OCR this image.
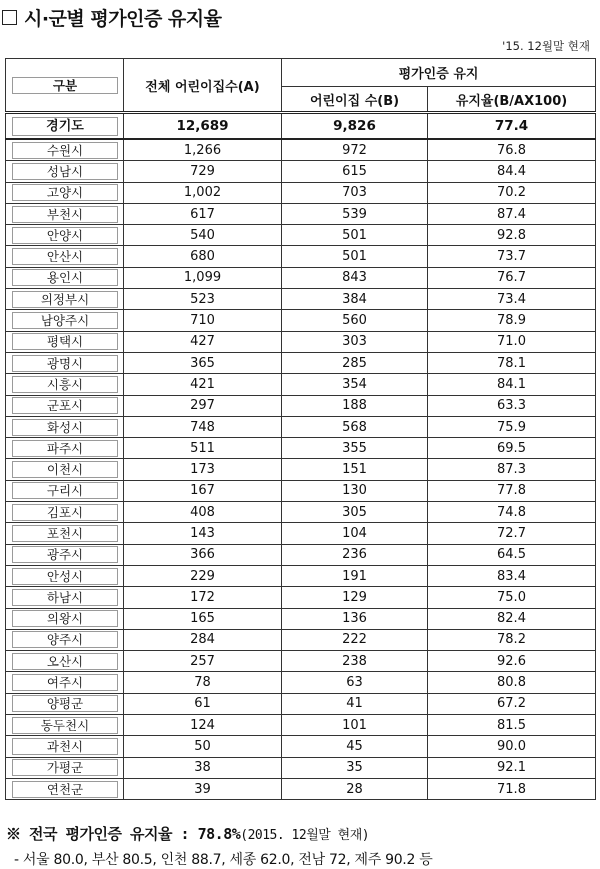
시·군별 평가인증 유지율
'15. 12월말 현재
구분	전체 어린이집수(A)	평가인증 유지	
		어린이집 수(B)	유지율(B/AX100)

경기도	12,689	9,826	77.4

수원시	1,266	972	76.8

성남시	729	615	84.4

고양시	1,002	703	70.2

부천시	617	539	87.4

안양시	540	501	92.8

안산시	680	501	73.7

용인시	1,099	843	76.7

의정부시	523	384	73.4

남양주시	710	560	78.9

평택시	427	303	71.0

광명시	365	285	78.1

시흥시	421	354	84.1

군포시	297	188	63.3

화성시	748	568	75.9

파주시	511	355	69.5

이천시	173	151	87.3

구리시	167	130	77.8

김포시	408	305	74.8

포천시	143	104	72.7

광주시	366	236	64.5

안성시	229	191	83.4

하남시	172	129	75.0

의왕시	165	136	82.4

양주시	284	222	78.2

오산시	257	238	92.6

여주시	78	63	80.8

양평군	61	41	67.2

동두천시	124	101	81.5

과천시	50	45	90.0

가평군	38	35	92.1

연천군	39	28	71.8
※ 전국 평가인증 유지율 : 78.8%(2015. 12월말 현재)
- 서울 80.0, 부산 80.5, 인천 88.7, 세종 62.0, 전남 72, 제주 90.2 등
